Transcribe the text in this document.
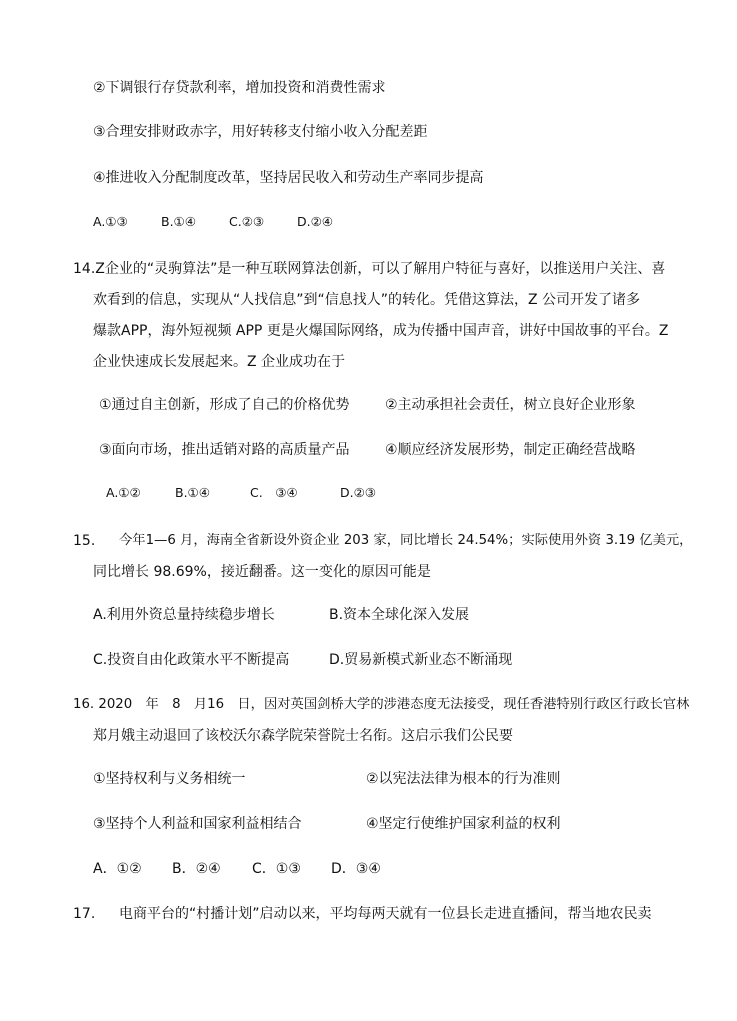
②下调银行存贷款利率，增加投资和消费性需求
③合理安排财政赤字，用好转移支付缩小收入分配差距
④推进收入分配制度改革，坚持居民收入和劳动生产率同步提高
A.①③	B.①④	C.②③	D.②④
14.Z企业的“灵驹算法”是一种互联网算法创新，可以了解用户特征与喜好，以推送用户关注、喜
欢看到的信息，实现从“人找信息”到“信息找人”的转化。凭借这算法，Z 公司开发了诸多
爆款APP，海外短视频 APP 更是火爆国际网络，成为传播中国声音，讲好中国故事的平台。Z
企业快速成长发展起来。Z 企业成功在于
①通过自主创新，形成了自己的价格优势	②主动承担社会责任，树立良好企业形象
③面向市场，推出适销对路的高质量产品	④顺应经济发展形势，制定正确经营战略
A.①②	B.①④	C.　③④	D.②③
15. 今年1—6 月，海南全省新设外资企业 203 家，同比增长 24.54%；实际使用外资 3.19 亿美元，
同比增长 98.69%，接近翻番。这一变化的原因可能是
A.利用外资总量持续稳步增长	B.资本全球化深入发展
C.投资自由化政策水平不断提高	D.贸易新模式新业态不断涌现
16. 2020　年　8　月16　日，因对英国剑桥大学的涉港态度无法接受，现任香港特别行政区行政长官林
郑月娥主动退回了该校沃尔森学院荣誉院士名衔。这启示我们公民要
①坚持权利与义务相统一	②以宪法法律为根本的行为准则
③坚持个人利益和国家利益相结合	④坚定行使维护国家利益的权利
A．①② B．②④ C．①③ D．③④
17. 电商平台的“村播计划”启动以来，平均每两天就有一位县长走进直播间，帮当地农民卖
